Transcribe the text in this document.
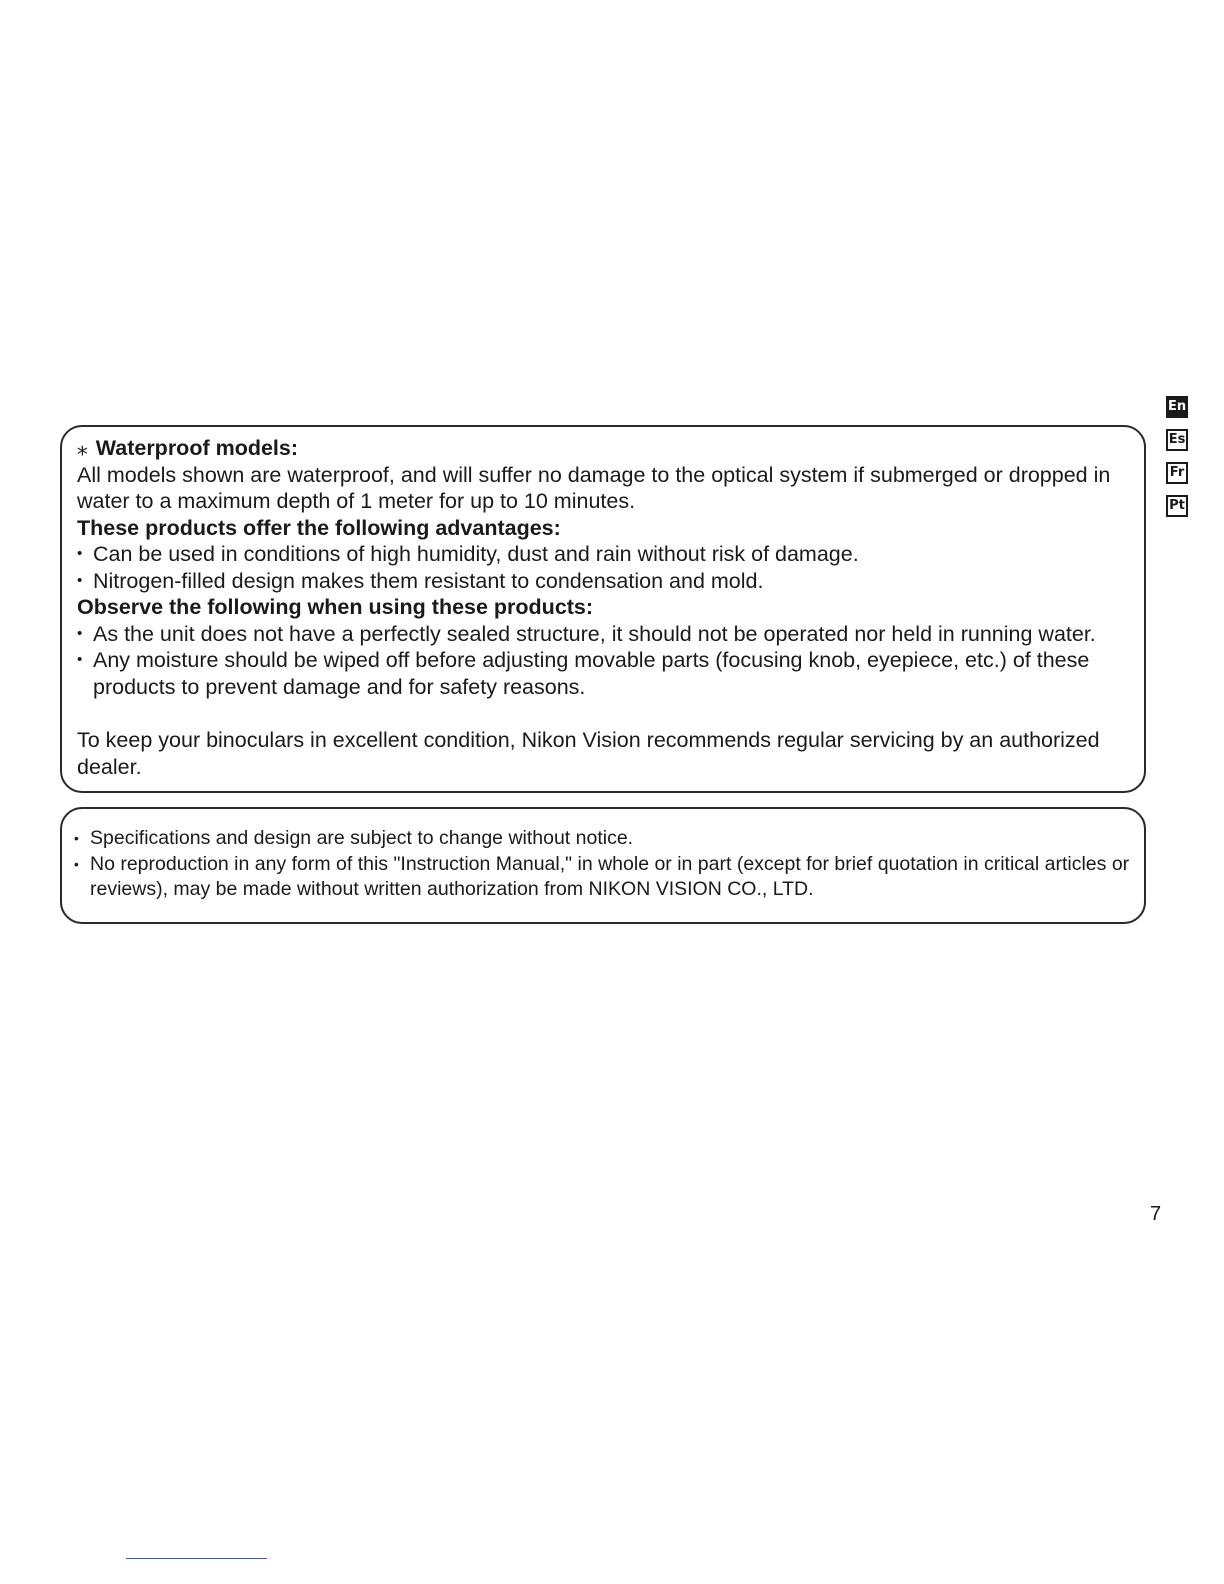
En
Es
Fr
Pt

⁎ Waterproof models:

All models shown are waterproof, and will suffer no damage to the optical system if submerged or dropped in water to a maximum depth of 1 meter for up to 10 minutes.

These products offer the following advantages:

• Can be used in conditions of high humidity, dust and rain without risk of damage.
• Nitrogen-filled design makes them resistant to condensation and mold.

Observe the following when using these products:

• As the unit does not have a perfectly sealed structure, it should not be operated nor held in running water.
• Any moisture should be wiped off before adjusting movable parts (focusing knob, eyepiece, etc.) of these products to prevent damage and for safety reasons.

To keep your binoculars in excellent condition, Nikon Vision recommends regular servicing by an authorized dealer.

• Specifications and design are subject to change without notice.
• No reproduction in any form of this "Instruction Manual," in whole or in part (except for brief quotation in critical articles or reviews), may be made without written authorization from NIKON VISION CO., LTD.
7
